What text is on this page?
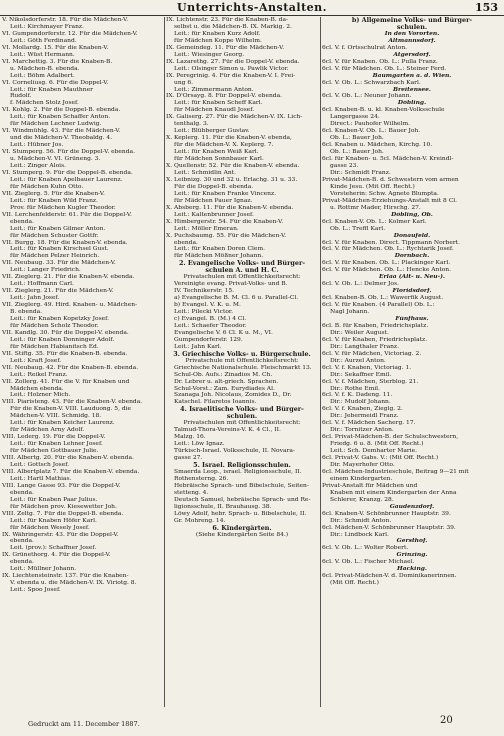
Unterrichts-Anstalten.	153
V. Nikolsdorferstr. 18. Für die Mädchen-V.
Leit.: Kirchmayer Franz.
VI. Gumpendorferstr. 12. Für die Mädchen-V.
Leit.: Göth Ferdinand.
VI. Mollardg. 15. Für die Knaben-V.
Leit.: Wüst Hermann.
VI. Marchettig. 3. Für die Knaben-B.
u. Mädchen-B. ebenda.
Leit.: Böhm Adalbert.
VI. Corneliusg. 6. Für die Doppel-V.
Leit.: für Knaben Mauthner
Rudolf.
f. Mädchen Stolz Josef.
VI. Kohlg. 2. Für die Doppel-B. ebenda.
Leit.: für Knaben Schaffer Anton.
für Mädchen Lechner Ludwig.
VI. Windmühlg. 43. Für die Mädchen-V.
und die Mädchen-V. Theobaldg. 4.
Leit.: Hübner Jos.
VI. Stumperg. 56. Für die Doppel-V. ebenda.
u. Mädchen-V. VI. Grüneng. 3.
Leit.: Zinger Alois.
VI. Stumperg. 9. Für die Doppel-B. ebenda.
Leit.: für Knaben Apelbauer Laurenz.
für Mädchen Kuhn Otto.
VII. Zieglerg. 5. Für die Knaben-V.
Leit.: für Knaben Wild Franz.
Prov. für Mädchen Kugler Theodor.
VII. Lerchenfelderstr. 61. Für die Doppel-V.
ebenda.
Leit.: für Knaben Gilmer Anton.
für Mädchen Schuster Gottfr.
VII. Burgg. 18. Für die Knaben-V. ebenda.
Leit.: für Knaben Kirschsel Gust.
für Mädchen Pelzer Heinrich.
VII. Neubaug. 33. Für die Mädchen-V.
Leit.: Langer Friedrich.
VII. Zieglerg. 21. Für die Knaben-V. ebenda.
Leit.: Hoffmann Carl.
VII. Zieglerg. 21. Für die Mädchen-V.
Leit.: Jahn Josef.
VII. Zieglerg. 49. Hird. Knaben- u. Mädchen-
B. ebenda.
Leit.: für Knaben Kopetzky Josef.
für Mädchen Scholz Theodor.
VII. Kandlg. 30. Für die Doppel-V. ebenda.
Leit.: für Knaben Donninger Adolf.
für Mädchen Habianitsch Ed.
VII. Stiftg. 35. Für die Knaben-B. ebenda.
Leit.: Kraft Josef.
VII. Neubaug. 42. Für die Knaben-B. ebenda.
Leit.: Reikel Franz.
VII. Zollerg. 41. Für die V. für Knaben und
Mädchen ebenda.
Leit.: Holzner Mich.
VIII. Piaristeng. 43. Für die Knaben-V. ebenda.
Für die Knaben-V. VIII. Lauduong. 5, die
Mädchen-V. VIII. Schmidg. 18.
Leit.: für Knaben Keicher Laurenz.
für Mädchen Arny Adolf.
VIII. Lederg. 19. Für die Doppel-V.
Leit.: für Knaben Lehner Josef.
für Mädchen Gottbauer Julie.
VIII. Albertg. 20. Für die Knaben-V. ebenda.
Leit.: Gottsch Josef.
VIII. Albertplatz 7. Für die Knaben-V. ebenda.
Leit.: Hartl Mathias.
VIII. Lange Gasse 93. Für die Doppel-V.
ebenda.
Leit.: für Knaben Paar Julius.
für Mädchen prov. Kiesewetter Joh.
VIII. Zeltg. 7. Für die Doppel-B. ebenda.
Leit.: für Knaben Höfer Karl.
für Mädchen Wesely Josef.
IX. Währingerstr. 43. Für die Doppel-V.
ebenda.
Leit. (prov.): Schaffner Josef.
IX. Grünethorg. 4. Für die Doppel-V.
ebenda.
Leit.: Müllner Johann.
IX. Liechtensteinstr. 137. Für die Knaben-
V. ebenda u. die Mädchen-V. IX. Viriotg. 8.
Leit.: Spoo Josef.
IX. Lichtenstr. 23. Für die Knaben-B. da-
selbst u. die Mädchen-B. IX. Markig. 2.
Leit.: für Knaben Kurz Adolf.
für Mädchen Koppe Wilhelm.
IX. Gemeindeg. 11. Für die Mädchen-V.
Leit.: Wiesinger Georg.
IX. Lazarethg. 27. Für die Doppel-V. ebenda.
Leit.: Olsinger Simon u. Pawlik Victor.
IX. Peregrinig. 4. Für die Knaben-V. I. Frei-
ung 6.
Leit.: Zimmermann Anton.
IX. D'Orsayg. 8. Für Doppel-V. ebenda.
Leit.: für Knaben Scheff Karl.
für Mädchen Knaudl Josef.
IX. Galiserg. 27. Für die Mädchen-V. IX. Lich-
tenthalg. 3.
Leit.: Blübberger Gustav.
X. Keplerg. 11. Für die Knaben-V. ebenda,
für die Mädchen-V. X. Keplerg. 7.
Leit.: für Knaben Weiß Karl.
für Mädchen Sonnbauer Karl.
X. Quellenstr. 52. Für die Knaben-V. ebenda.
Leit.: Schmidlin Ant.
X. Leibnizg. 30 und 32 u. Erlachg. 31 u. 33.
Für die Doppel-B. ebenda.
Leit.: für Knaben Franke Vincenz.
für Mädchen Pauer Ignaz.
X. Absberg. 11. Für die Knaben-V. ebenda.
Leit.: Kaltenbrunner Josef.
X. Himbergerstr. 54. Für die Knaben-V.
Leit.: Möller Emeran.
X. Puchsbaumg. 55. Für die Mädchen-V.
ebenda.
Leit.: für Knaben Doren Clem.
für Mädchen Mößner Johann.
2. Evangelische Volks- und Bürger-
schulen A. und H. C.
Privatschulen mit Öffentlichkeitsrecht:
Vereinigte evang. Privat-Volks- und B.
IV. Technikerstr. 15.
a) Evangelische B. M. Cl. 6 u. Parallel-Cl.
b) Evangel. V. K. u. M.
Leit.: Pilecki Victor.
c) Evangel. B. (M.) 4 Cl.
Leit.: Schaefer Theodor.
Evangelische V. 6 Cl. K u. M., VI.
Gumpendorferstr. 129.
Leit.: Jahn Karl.
3. Griechische Volks- u. Bürgerschule.
Privatschule mit Öffentlichkeitsrecht:
Griechische Nationalschule. Fleischmarkt 13.
Schul-Ob. Aufs.: Zinadios M. Ch.
Dr. Lebrer u. alt-griech. Sprachen.
Schul-Vorst.: Zam. Eurydiades Al.
Szanaga Joh. Nicolaus, Zomides D., Dr.
Katschel. Filaretos Ioannis.
4. Israelitische Volks- und Bürger-
schulen.
Privatschulen mit Öffentlichkeitsrecht:
Talmud-Thora-Vereins-V. K. 4 Cl., II.
Malzg. 16.
Leit.: Löw Ignaz.
Türkisch-Israel. Volksschule, II. Novara-
gasse 27.
5. Israel. Religionsschulen.
Smaerda Leop., israel. Religionsschule, II.
Rothensterng. 26.
Hebräische Sprach- und Bibelschule, Seiten-
stetteng. 4.
Deutsch Samuel, hebräische Sprach- und Re-
ligionsschule, II. Brauhausg. 38.
Löwy Adolf, hebr. Sprach- u. Bibelschule, II.
Gr. Mohreng. 14.
6. Kindergärten.
(Siehe Kindergärten Seite 84.)
b) Allgemeine Volks- und Bürger-
schulen.
In den Vororten.
Altmannsdorf.
6cl. V. f. Ortsschulrat Anton.
Atgersdorf.
6cl. V. für Knaben. Ob. L.: Pulla Franz.
6cl. V. für Mädchen. Ob. L.: Steiner Ferd.
Baumgarten a. d. Wien.
6cl. V. Ob. L.: Schwarzbach Karl.
Breitensee.
6cl. V. Ob. L.: Neuner Johann.
Döbling.
6cl. Knaben-B. u. kl. Knaben-Volksschule
Langergasse 24.
Direct.: Pauhofer Wilhelm.
6cl. Knaben-V. Ob. L.: Bauer Joh.
Ob. L.: Bauer Joh.
6cl. Knaben u. Mädchen, Kirchg. 10.
Ob. L.: Bauer Joh.
6cl. für Knaben- u. 5cl. Mädchen-V. Kreindl-
gasse 23.
Dir.: Schmidt Franz.
Privat-Mädchen-B. d. Schwestern vom armen
Kinde Jesu. (Mit Off. Recht.)
Vorsteherin: Schw. Agnete Blumpta.
Privat-Mädchen-Erziehungs-Anstalt mit 8 Cl.
u. Rottmr Mader, Hirschg. 27.
Döbling, Ob.
6cl. Knaben-V. Ob. L.: Kolmer Karl.
Ob. L.: Treffl Karl.
Donaufeld.
6cl. V. für Knaben. Direct. Tippmann Norbert.
6cl. V. für Mädchen. Ob. L.: Rychtarik Josef.
Dornbach.
6cl. V. für Knaben. Ob. L.: Plackinger Karl.
6cl. V. für Mädchen. Ob. L.: Hencke Anton.
Erlaa (Alt- u. Neu-).
6cl. V. Ob. L.: Delmer Jos.
Floridsdorf.
6cl. Knaben-B. Ob. L.: Wawerfik August.
6cl. V. für Knaben. (4 Parallel) Ob. L.:
Nagl Johann.
Fünfhaus.
6cl. B. für Knaben, Friedrichsplatz.
Dir.: Weiler August.
6cl. V. für Knaben, Friedrichsplatz.
Dir.: Langthaler Franz.
6cl. V. für Mädchen, Victoriag. 2.
Dir.: Aurzel Anton.
6cl. V. f. Knaben, Victoriag. 1.
Dir.: Sekaffner Emil.
6cl. V. f. Mädchen, Sterblog. 21.
Dir.: Rothe Emil.
6cl. V. f. K. Dadeng. 11.
Dir.: Mudolf Johann.
6cl. V. f. Knaben, Zieglg. 2.
Dir.: Jebermeidl Franz.
6cl. V. f. Mädchen Sacherg. 17.
Dir.: Tornitzer Anton.
6cl. Privat-Mädchen-B. der Schulschwestern,
Friedg. 6 u. 8. (Mit Off. Recht.)
Leit.: Sch. Demharter Marie.
6cl. Privat-V. Gabs. V.: (Mit Off. Recht.)
Dir. Mayerhofer Otto.
6cl. Mädchen-Industrieschule, Beitrag 9—21 mit
einem Kindergarten.
Privat-Anstalt für Mädchen und
Knaben mit einem Kindergarten der Anna
Schlerer, Kranzg. 28.
Gaudenzdorf.
6cl. Knaben-V. Schönbrunner Hauptstr. 39.
Dir.: Schmidt Anton.
6cl. Mädchen-V. Schönbrunner Hauptstr. 39.
Dir.: Lindbock Karl.
Gersthof.
6cl. V. Ob. L.: Wolter Robert.
Grinzing.
6cl. V. Ob. L.: Fischer Michael.
Hacking.
6cl. Privat-Mädchen-V. d. Dominikanerinnen.
(Mit Öff. Recht.)
Gedruckt am 11. December 1887.	20
